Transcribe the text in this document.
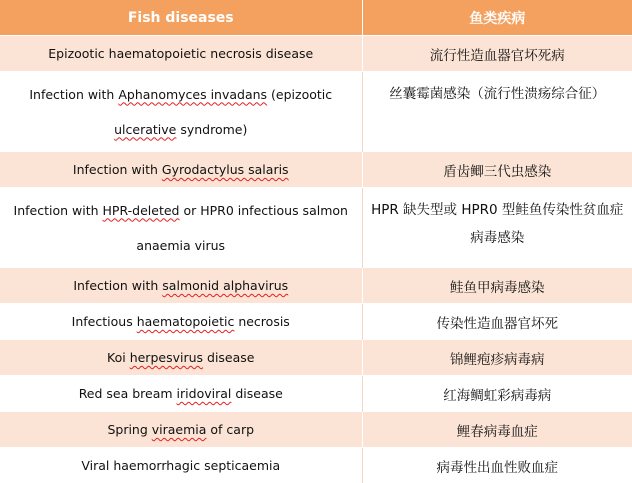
Fish diseases	鱼类疾病
Epizootic haematopoietic necrosis disease	流行性造血器官坏死病
Infection with Aphanomyces invadans (epizootic
ulcerative syndrome)	丝囊霉菌感染（流行性溃疡综合征）
Infection with Gyrodactylus salaris	盾齿鲫三代虫感染
Infection with HPR-deleted or HPR0 infectious salmon
anaemia virus	HPR 缺失型或 HPR0 型鲑鱼传染性贫血症病毒感染
Infection with salmonid alphavirus	鲑鱼甲病毒感染
Infectious haematopoietic necrosis	传染性造血器官坏死
Koi herpesvirus disease	锦鲤疱疹病毒病
Red sea bream iridoviral disease	红海鲷虹彩病毒病
Spring viraemia of carp	鲤春病毒血症
Viral haemorrhagic septicaemia	病毒性出血性败血症
